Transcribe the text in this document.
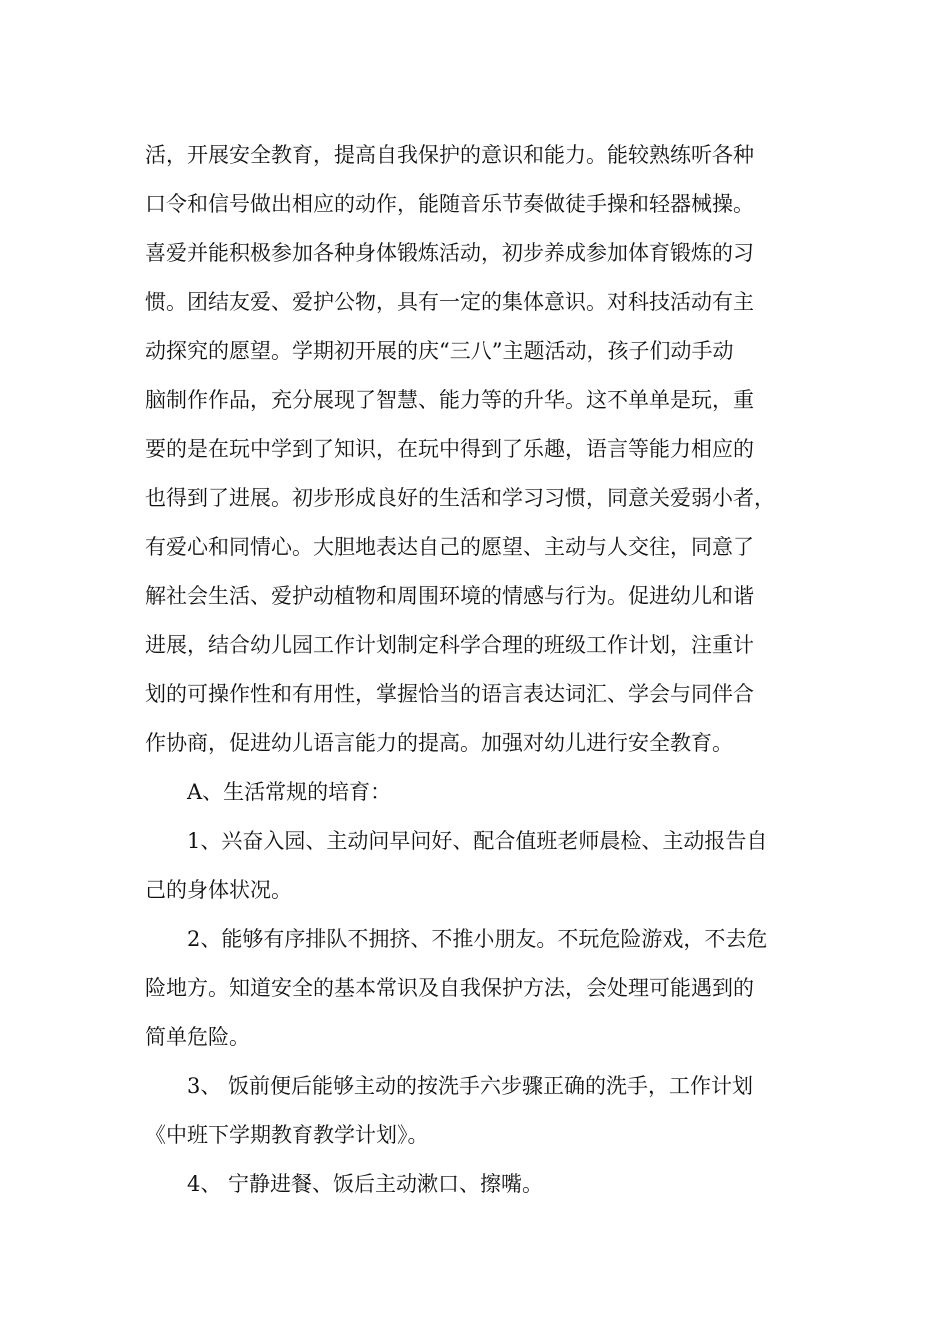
活，开展安全教育，提高自我保护的意识和能力。能较熟练听各种
口令和信号做出相应的动作，能随音乐节奏做徒手操和轻器械操。
喜爱并能积极参加各种身体锻炼活动，初步养成参加体育锻炼的习
惯。团结友爱、爱护公物，具有一定的集体意识。对科技活动有主
动探究的愿望。学期初开展的庆“三八”主题活动，孩子们动手动
脑制作作品，充分展现了智慧、能力等的升华。这不单单是玩，重
要的是在玩中学到了知识，在玩中得到了乐趣，语言等能力相应的
也得到了进展。初步形成良好的生活和学习习惯，同意关爱弱小者，
有爱心和同情心。大胆地表达自己的愿望、主动与人交往，同意了
解社会生活、爱护动植物和周围环境的情感与行为。促进幼儿和谐
进展，结合幼儿园工作计划制定科学合理的班级工作计划，注重计
划的可操作性和有用性，掌握恰当的语言表达词汇、学会与同伴合
作协商，促进幼儿语言能力的提高。加强对幼儿进行安全教育。
A、生活常规的培育：
1、兴奋入园、主动问早问好、配合值班老师晨检、主动报告自
己的身体状况。
2、能够有序排队不拥挤、不推小朋友。不玩危险游戏，不去危
险地方。知道安全的基本常识及自我保护方法，会处理可能遇到的
简单危险。
3、 饭前便后能够主动的按洗手六步骤正确的洗手，工作计划
《中班下学期教育教学计划》。
4、 宁静进餐、饭后主动漱口、擦嘴。
